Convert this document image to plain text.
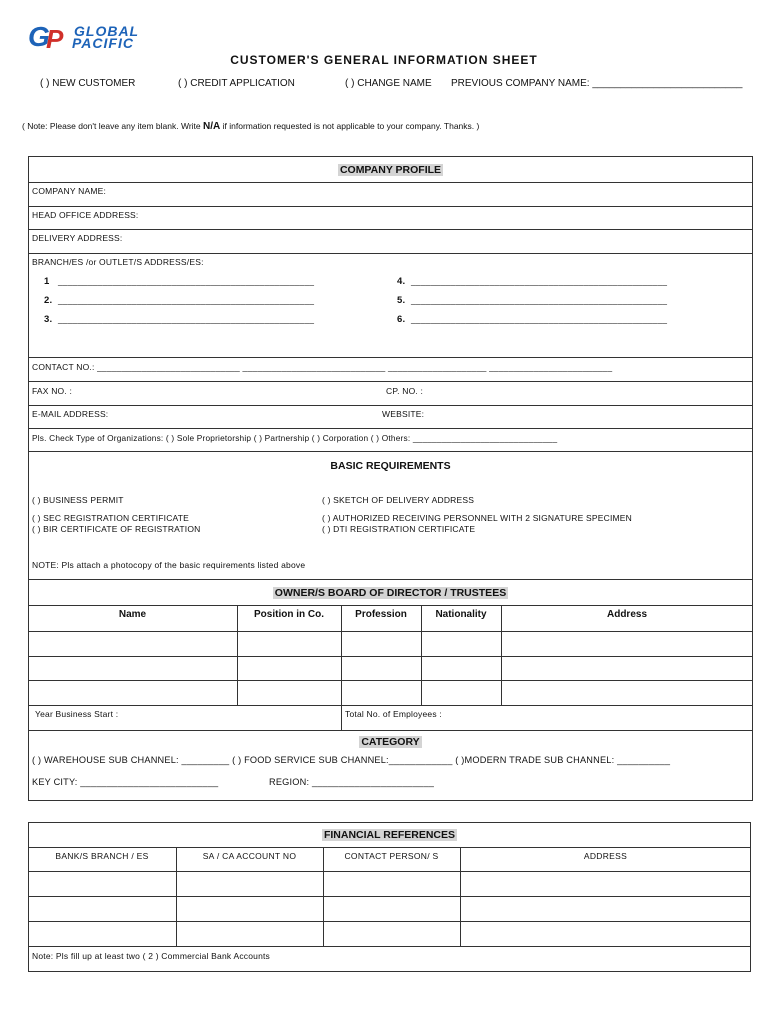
G
P GLOBAL
PACIFIC
CUSTOMER'S GENERAL INFORMATION SHEET
( ) NEW CUSTOMER	( ) CREDIT APPLICATION	( ) CHANGE NAME PREVIOUS COMPANY NAME: ___________________________
( Note: Please don't leave any item blank. Write N/A if information requested is not applicable to your company. Thanks. )
COMPANY PROFILE
COMPANY NAME:
HEAD OFFICE ADDRESS:
DELIVERY ADDRESS:
BRANCH/ES /or OUTLET/S ADDRESS/ES:
1 ____________________________________________________
2. ____________________________________________________
3. ____________________________________________________
4. ____________________________________________________
5. ____________________________________________________
6. ____________________________________________________
CONTACT NO.: _____________________________ _____________________________ ____________________ _________________________
FAX NO. :	CP. NO. :
E-MAIL ADDRESS:	WEBSITE:
Pls. Check Type of Organizations: ( ) Sole Proprietorship ( ) Partnership ( ) Corporation ( ) Others: ______________________________
BASIC REQUIREMENTS
( ) BUSINESS PERMIT
( ) SEC REGISTRATION CERTIFICATE
( ) BIR CERTIFICATE OF REGISTRATION
( ) SKETCH OF DELIVERY ADDRESS
( ) AUTHORIZED RECEIVING PERSONNEL WITH 2 SIGNATURE SPECIMEN
( ) DTI REGISTRATION CERTIFICATE
NOTE: Pls attach a photocopy of the basic requirements listed above
OWNER/S BOARD OF DIRECTOR / TRUSTEES
Name	Position in Co.	Profession	Nationality	Address
Year Business Start :	Total No. of Employees :
CATEGORY
( ) WAREHOUSE SUB CHANNEL: _________ ( ) FOOD SERVICE SUB CHANNEL:____________ ( )MODERN TRADE SUB CHANNEL: __________
KEY CITY: __________________________	REGION: _______________________
FINANCIAL REFERENCES
BANK/S BRANCH / ES	SA / CA ACCOUNT NO	CONTACT PERSON/ S	ADDRESS
Note: Pls fill up at least two ( 2 ) Commercial Bank Accounts
